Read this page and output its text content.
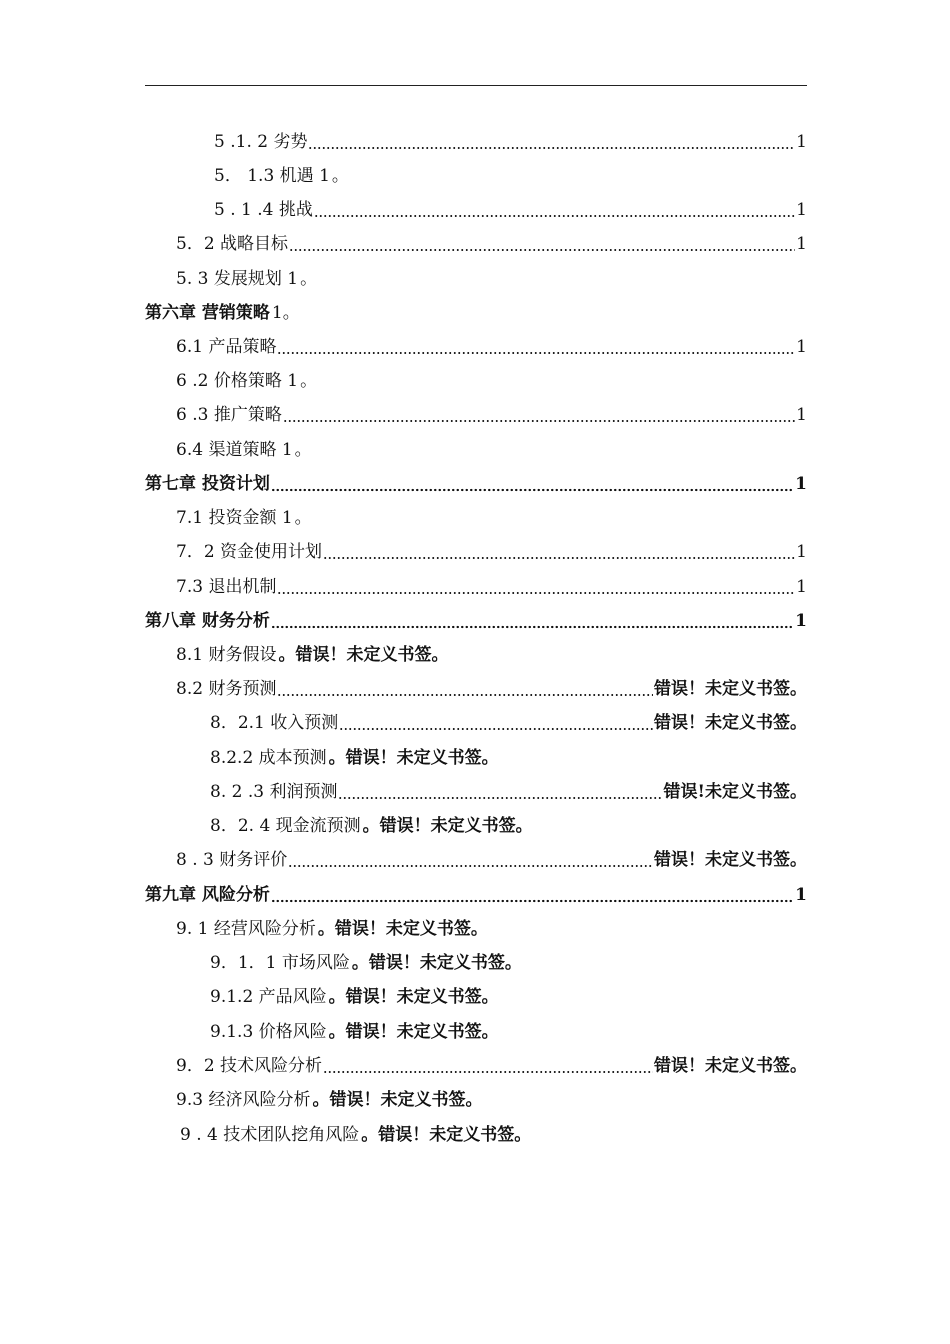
5 .1. 2 劣势	1
5． 1.3 机遇 1 。
5 . 1 .4 挑战	1
5．2 战略目标	1
5. 3 发展规划 1 。
第六章 营销策略 1。
6.1 产品策略	1
6 .2 价格策略 1 。
6 .3 推广策略	1
6.4 渠道策略 1 。
第七章 投资计划	1
7.1 投资金额 1 。
7．2 资金使用计划	1
7.3 退出机制	1
第八章 财务分析	1
8.1 财务假设 。错误！未定义书签。
8.2 财务预测	错误！未定义书签。
8．2.1 收入预测	错误！未定义书签。
8.2.2 成本预测 。错误！未定义书签。
8. 2 .3 利润预测	错误!未定义书签。
8．2. 4 现金流预测 。错误！未定义书签。
8 . 3 财务评价	错误！未定义书签。
第九章 风险分析	1
9. 1 经营风险分析 。错误！未定义书签。
9．1．1 市场风险 。错误！未定义书签。
9.1.2 产品风险 。错误！未定义书签。
9.1.3 价格风险 。错误！未定义书签。
9．2 技术风险分析	错误！未定义书签。
9.3 经济风险分析 。错误！未定义书签。
9 . 4 技术团队挖角风险 。错误！未定义书签。
